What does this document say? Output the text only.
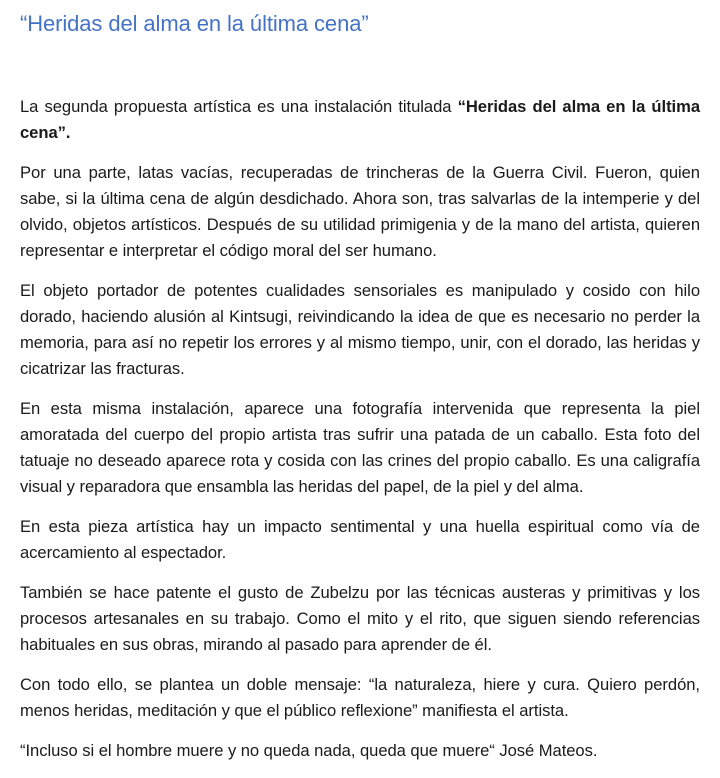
“Heridas del alma en la última cena”

La segunda propuesta artística es una instalación titulada “Heridas del alma en la última cena”.

Por una parte, latas vacías, recuperadas de trincheras de la Guerra Civil. Fueron, quien sabe, si la última cena de algún desdichado. Ahora son, tras salvarlas de la intemperie y del olvido, objetos artísticos. Después de su utilidad primigenia y de la mano del artista, quieren representar e interpretar el código moral del ser humano.

El objeto portador de potentes cualidades sensoriales es manipulado y cosido con hilo dorado, haciendo alusión al Kintsugi, reivindicando la idea de que es necesario no perder la memoria, para así no repetir los errores y al mismo tiempo, unir, con el dorado, las heridas y cicatrizar las fracturas.

En esta misma instalación, aparece una fotografía intervenida que representa la piel amoratada del cuerpo del propio artista tras sufrir una patada de un caballo. Esta foto del tatuaje no deseado aparece rota y cosida con las crines del propio caballo. Es una caligrafía visual y reparadora que ensambla las heridas del papel, de la piel y del alma.

En esta pieza artística hay un impacto sentimental y una huella espiritual como vía de acercamiento al espectador.

También se hace patente el gusto de Zubelzu por las técnicas austeras y primitivas y los procesos artesanales en su trabajo. Como el mito y el rito, que siguen siendo referencias habituales en sus obras, mirando al pasado para aprender de él.

Con todo ello, se plantea un doble mensaje: “la naturaleza, hiere y cura. Quiero perdón, menos heridas, meditación y que el público reflexione” manifiesta el artista.

“Incluso si el hombre muere y no queda nada, queda que muere“ José Mateos.
